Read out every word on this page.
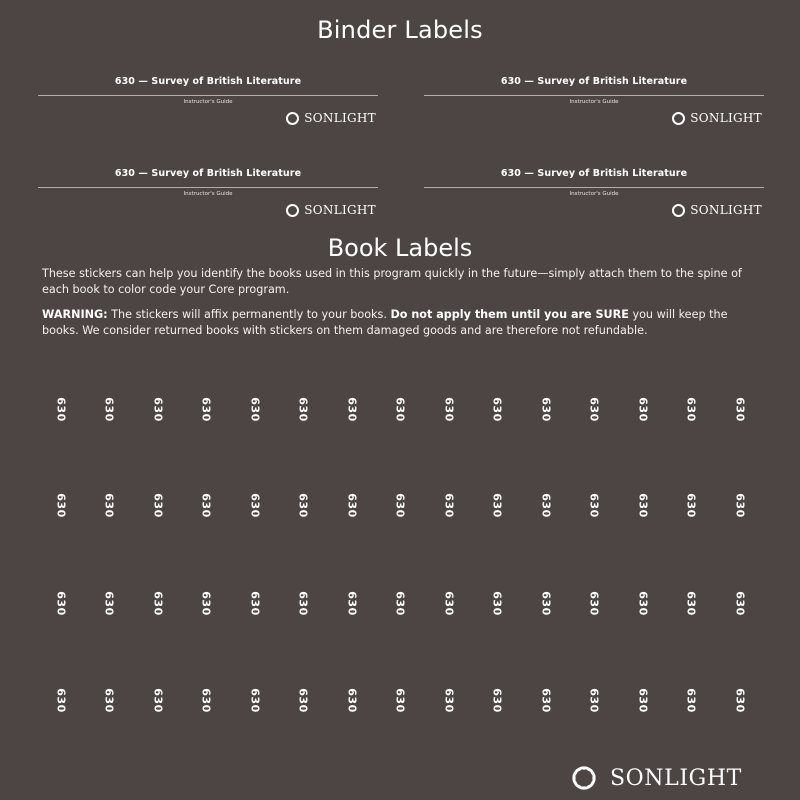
Binder Labels
630 — Survey of British Literature
Instructor's Guide
SONLIGHT
630 — Survey of British Literature
Instructor's Guide
SONLIGHT
630 — Survey of British Literature
Instructor's Guide
SONLIGHT
630 — Survey of British Literature
Instructor's Guide
SONLIGHT
Book Labels

These stickers can help you identify the books used in this program quickly in the future—simply attach them to the spine of each book to color code your Core program.

WARNING: The stickers will affix permanently to your books. Do not apply them until you are SURE you will keep the books. We consider returned books with stickers on them damaged goods and are therefore not refundable.

630	630	630	630	630	630	630	630	630	630	630	630	630	630	630
630	630	630	630	630	630	630	630	630	630	630	630	630	630	630
630	630	630	630	630	630	630	630	630	630	630	630	630	630	630
630	630	630	630	630	630	630	630	630	630	630	630	630	630	630
SONLIGHT
